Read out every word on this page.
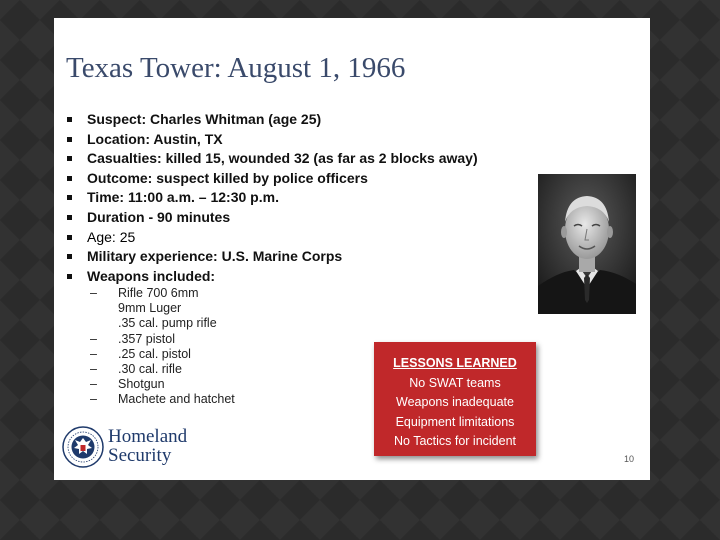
Texas Tower: August 1, 1966
Suspect: Charles Whitman (age 25)
Location: Austin, TX
Casualties: killed 15, wounded 32 (as far as 2 blocks away)
Outcome: suspect killed by police officers
Time: 11:00 a.m. – 12:30 p.m.
Duration - 90 minutes
Age: 25
Military experience: U.S. Marine Corps
Weapons included:
– Rifle 700 6mm
9mm Luger
.35 cal. pump rifle
– .357 pistol
– .25 cal. pistol
– .30 cal. rifle
– Shotgun
– Machete and hatchet
LESSONS LEARNED
No SWAT teams
Weapons inadequate
Equipment limitations
No Tactics for incident
Homeland
Security	10
